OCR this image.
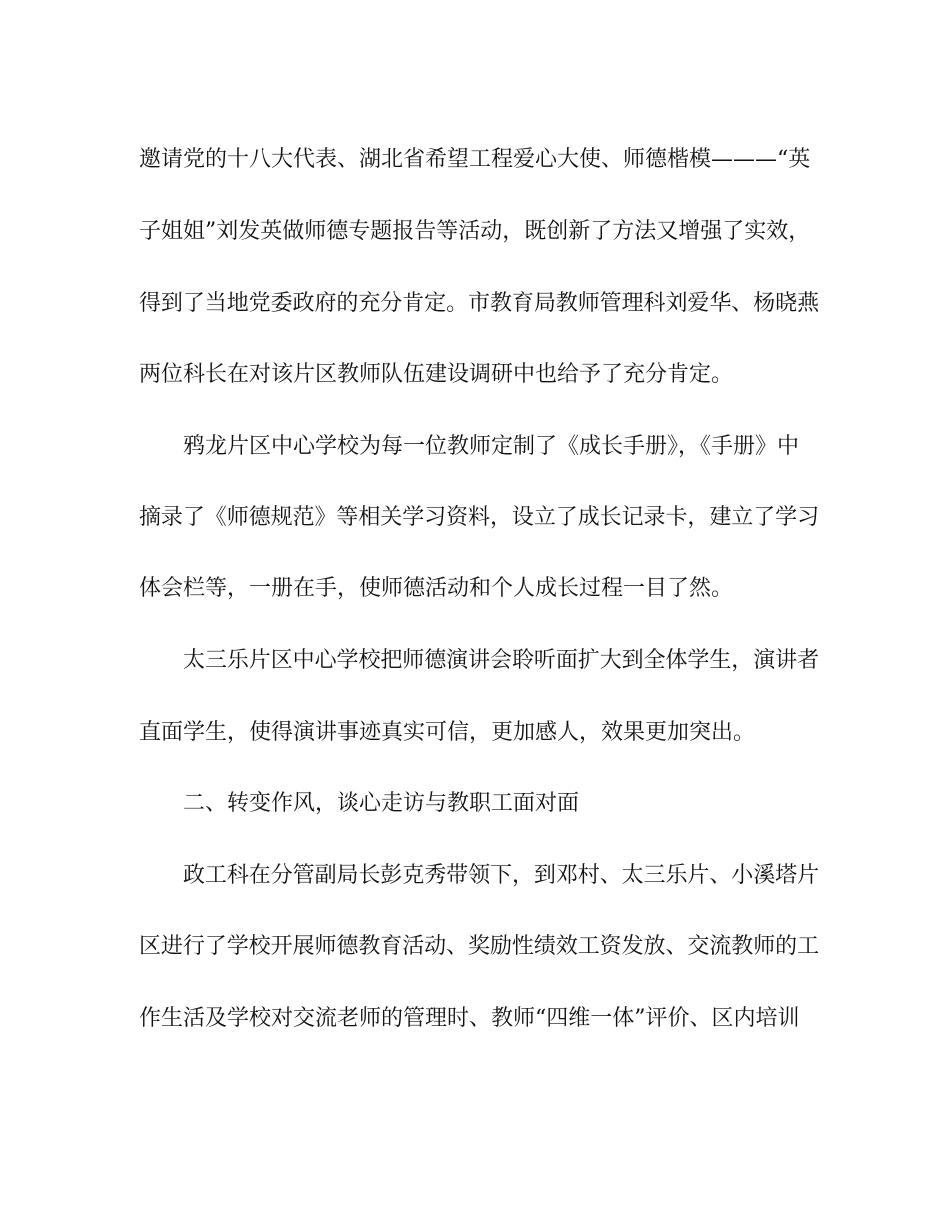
邀请党的十八大代表、湖北省希望工程爱心大使、师德楷模———“英
子姐姐”刘发英做师德专题报告等活动，既创新了方法又增强了实效，
得到了当地党委政府的充分肯定。市教育局教师管理科刘爱华、杨晓燕
两位科长在对该片区教师队伍建设调研中也给予了充分肯定。
鸦龙片区中心学校为每一位教师定制了《成长手册》，《手册》中
摘录了《师德规范》等相关学习资料，设立了成长记录卡，建立了学习
体会栏等，一册在手，使师德活动和个人成长过程一目了然。
太三乐片区中心学校把师德演讲会聆听面扩大到全体学生，演讲者
直面学生，使得演讲事迹真实可信，更加感人，效果更加突出。
二、转变作风，谈心走访与教职工面对面
政工科在分管副局长彭克秀带领下，到邓村、太三乐片、小溪塔片
区进行了学校开展师德教育活动、奖励性绩效工资发放、交流教师的工
作生活及学校对交流老师的管理时、教师“四维一体”评价、区内培训
